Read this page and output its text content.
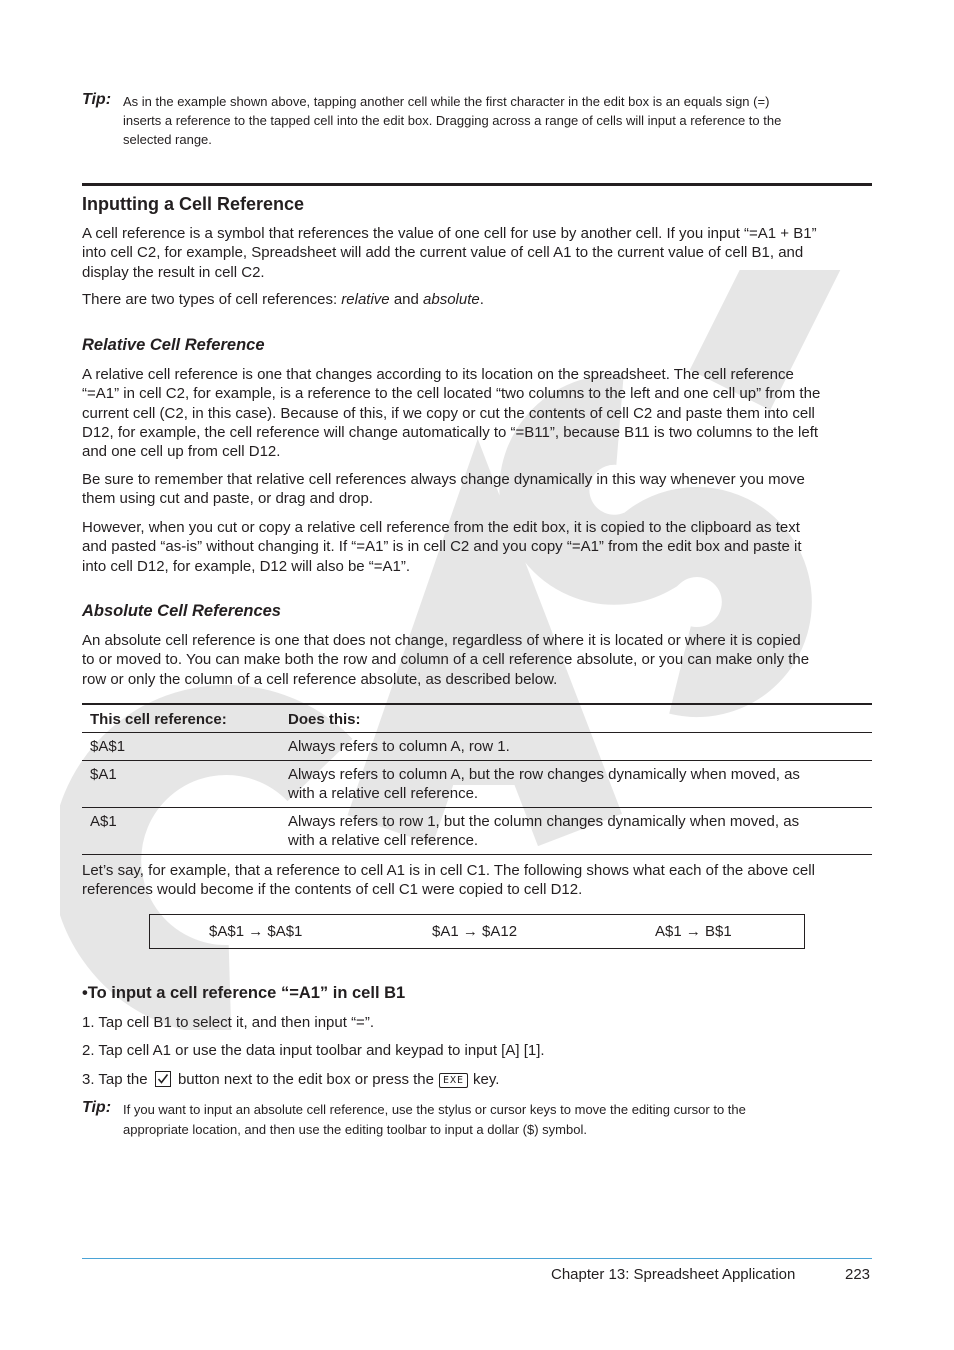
Tip: As in the example shown above, tapping another cell while the first character in the edit box is an equals sign (=)
inserts a reference to the tapped cell into the edit box. Dragging across a range of cells will input a reference to the
selected range.
Inputting a Cell Reference

A cell reference is a symbol that references the value of one cell for use by another cell. If you input “=A1 + B1”
into cell C2, for example, Spreadsheet will add the current value of cell A1 to the current value of cell B1, and
display the result in cell C2.

There are two types of cell references: relative and absolute.

Relative Cell Reference

A relative cell reference is one that changes according to its location on the spreadsheet. The cell reference
“=A1” in cell C2, for example, is a reference to the cell located “two columns to the left and one cell up” from the
current cell (C2, in this case). Because of this, if we copy or cut the contents of cell C2 and paste them into cell
D12, for example, the cell reference will change automatically to “=B11”, because B11 is two columns to the left
and one cell up from cell D12.

Be sure to remember that relative cell references always change dynamically in this way whenever you move
them using cut and paste, or drag and drop.

However, when you cut or copy a relative cell reference from the edit box, it is copied to the clipboard as text
and pasted “as-is” without changing it. If “=A1” is in cell C2 and you copy “=A1” from the edit box and paste it
into cell D12, for example, D12 will also be “=A1”.

Absolute Cell References

An absolute cell reference is one that does not change, regardless of where it is located or where it is copied
to or moved to. You can make both the row and column of a cell reference absolute, or you can make only the
row or only the column of a cell reference absolute, as described below.

This cell reference:	Does this:
$A$1	Always refers to column A, row 1.
$A1	Always refers to column A, but the row changes dynamically when moved, as
with a relative cell reference.
A$1	Always refers to row 1, but the column changes dynamically when moved, as
with a relative cell reference.

Let’s say, for example, that a reference to cell A1 is in cell C1. The following shows what each of the above cell
references would become if the contents of cell C1 were copied to cell D12.

$A$1 → $A$1	$A1 → $A12	A$1 → B$1
•To input a cell reference “=A1” in cell B1
1. Tap cell B1 to select it, and then input “=”.
2. Tap cell A1 or use the data input toolbar and keypad to input [A] [1].
3. Tap the button next to the edit box or press the EXE key.
Tip: If you want to input an absolute cell reference, use the stylus or cursor keys to move the editing cursor to the
appropriate location, and then use the editing toolbar to input a dollar ($) symbol.
Chapter 13: Spreadsheet Application	223
